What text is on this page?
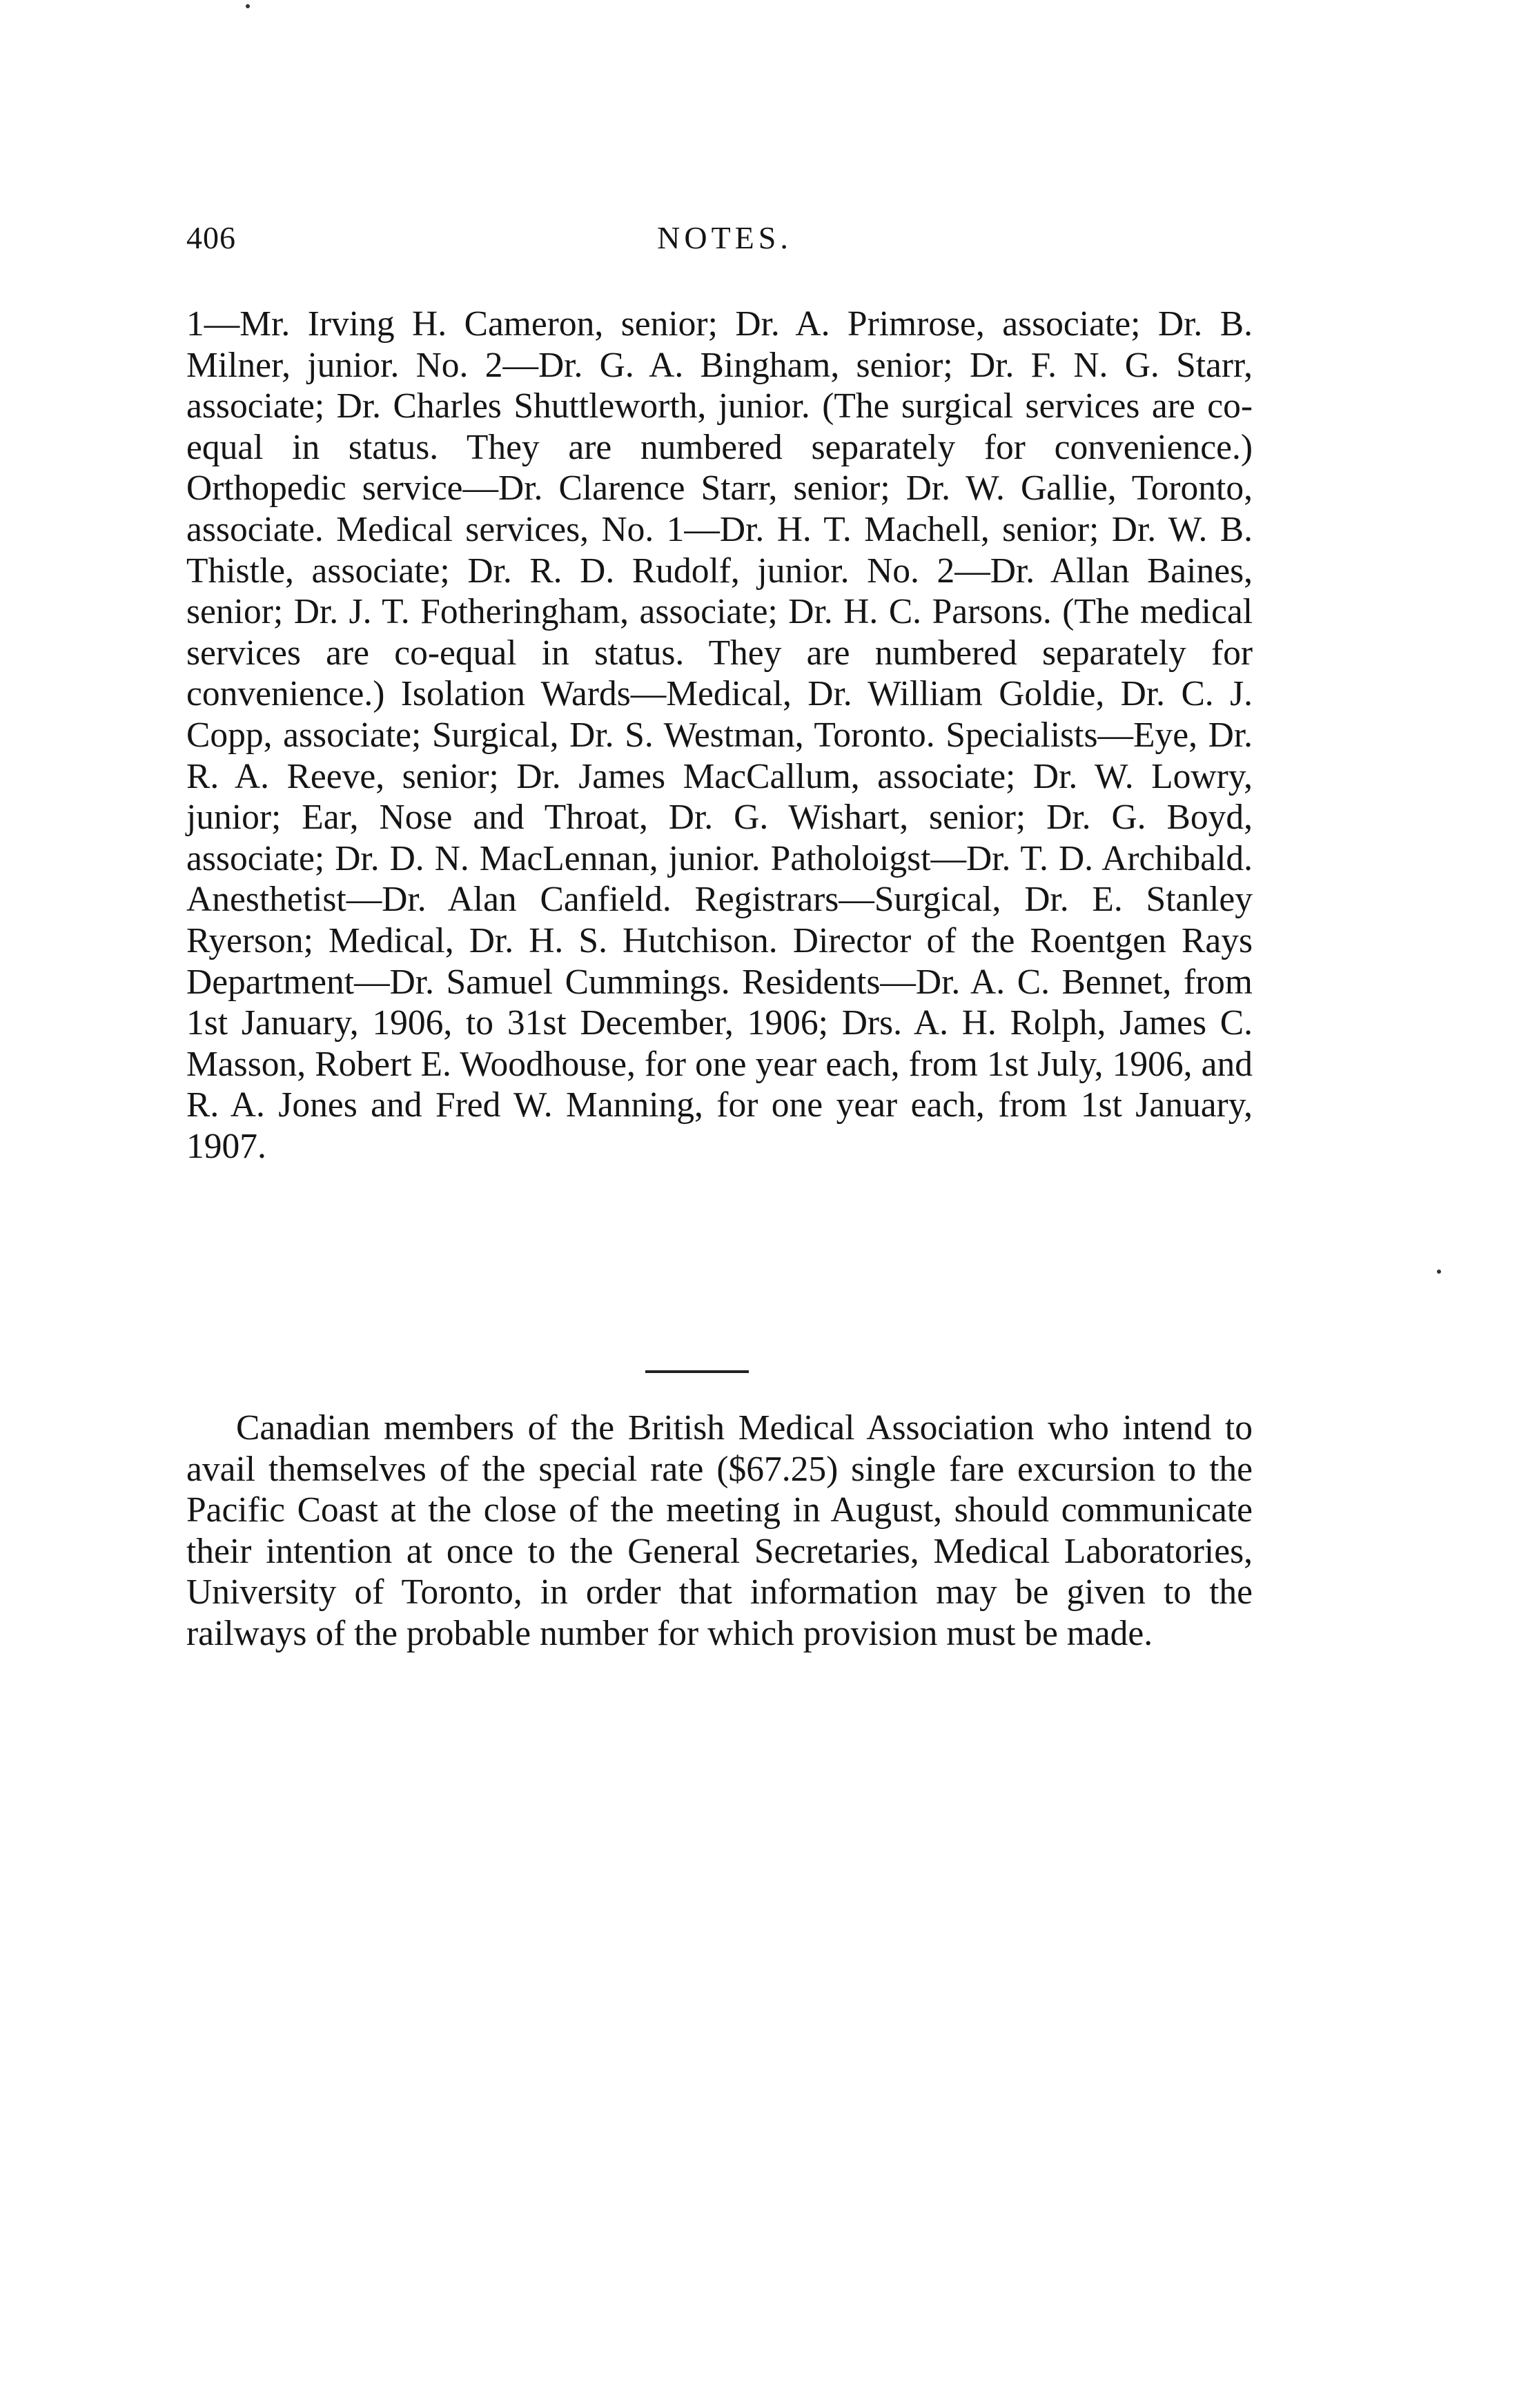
406	NOTES.

1—Mr. Irving H. Cameron, senior; Dr. A. Primrose, associate; Dr. B. Milner, junior. No. 2—Dr. G. A. Bingham, senior; Dr. F. N. G. Starr, associate; Dr. Charles Shuttleworth, junior. (The surgical services are co-equal in status. They are numbered separately for convenience.) Orthopedic service—Dr. Clarence Starr, senior; Dr. W. Gallie, Toronto, associate. Medical services, No. 1—Dr. H. T. Machell, senior; Dr. W. B. Thistle, associate; Dr. R. D. Rudolf, junior. No. 2—Dr. Allan Baines, senior; Dr. J. T. Fotheringham, associate; Dr. H. C. Parsons. (The medical services are co-equal in status. They are numbered separately for convenience.) Isolation Wards—Medical, Dr. William Goldie, Dr. C. J. Copp, associate; Surgical, Dr. S. Westman, Toronto. Specialists—Eye, Dr. R. A. Reeve, senior; Dr. James MacCallum, associate; Dr. W. Lowry, junior; Ear, Nose and Throat, Dr. G. Wishart, senior; Dr. G. Boyd, associate; Dr. D. N. MacLennan, junior. Patholoigst—Dr. T. D. Archibald. Anesthetist—Dr. Alan Canfield. Registrars—Surgical, Dr. E. Stanley Ryerson; Medical, Dr. H. S. Hutchison. Director of the Roentgen Rays Department—Dr. Samuel Cummings. Residents—Dr. A. C. Bennet, from 1st January, 1906, to 31st December, 1906; Drs. A. H. Rolph, James C. Masson, Robert E. Woodhouse, for one year each, from 1st July, 1906, and R. A. Jones and Fred W. Manning, for one year each, from 1st January, 1907.

Canadian members of the British Medical Association who intend to avail themselves of the special rate ($67.25) single fare excursion to the Pacific Coast at the close of the meeting in August, should communicate their intention at once to the General Secretaries, Medical Laboratories, University of Toronto, in order that information may be given to the railways of the probable number for which provision must be made.
